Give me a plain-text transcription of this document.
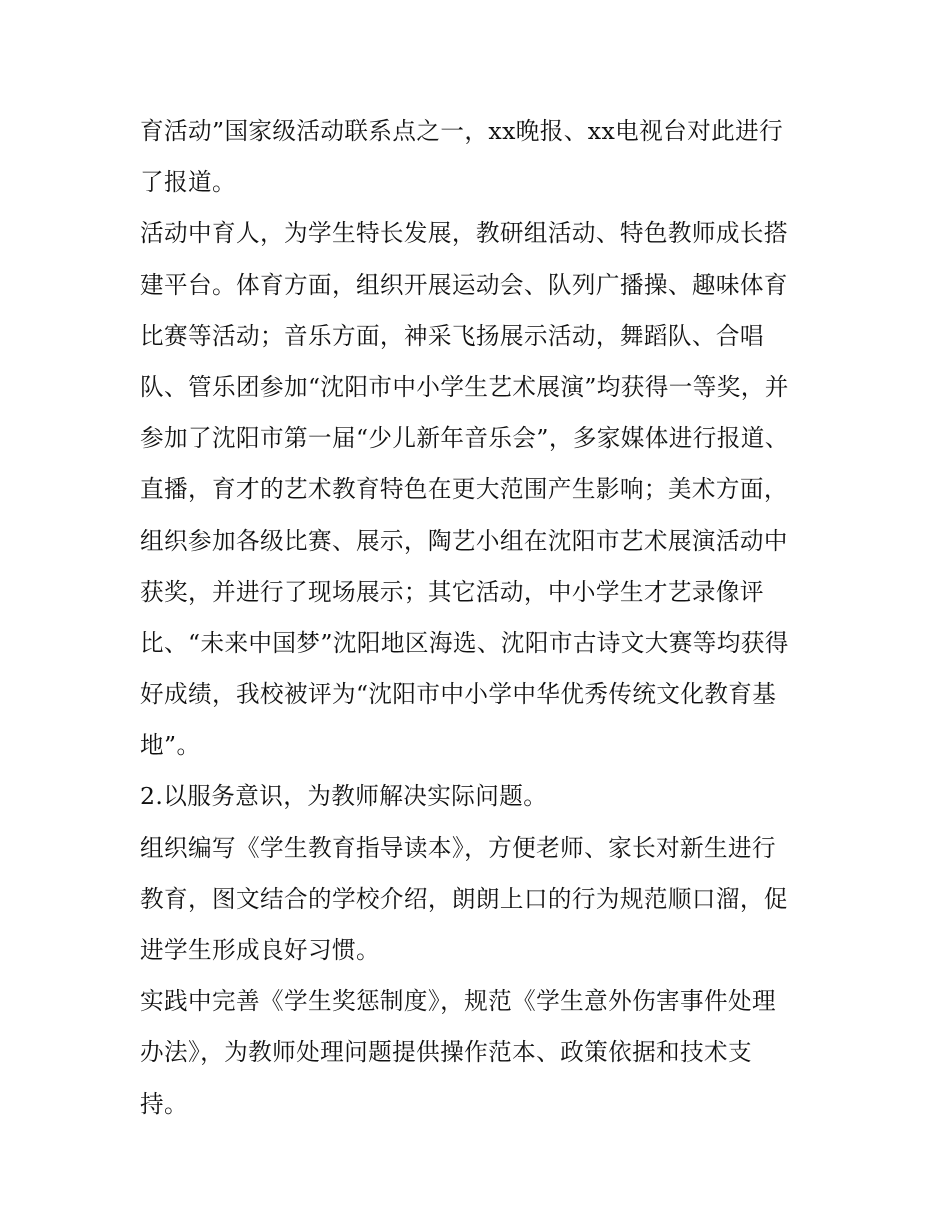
育活动”国家级活动联系点之一，xx晚报、xx电视台对此进行
了报道。
活动中育人，为学生特长发展，教研组活动、特色教师成长搭
建平台。体育方面，组织开展运动会、队列广播操、趣味体育
比赛等活动；音乐方面，神采飞扬展示活动，舞蹈队、合唱
队、管乐团参加“沈阳市中小学生艺术展演”均获得一等奖，并
参加了沈阳市第一届“少儿新年音乐会”，多家媒体进行报道、
直播，育才的艺术教育特色在更大范围产生影响；美术方面，
组织参加各级比赛、展示，陶艺小组在沈阳市艺术展演活动中
获奖，并进行了现场展示；其它活动，中小学生才艺录像评
比、“未来中国梦”沈阳地区海选、沈阳市古诗文大赛等均获得
好成绩，我校被评为“沈阳市中小学中华优秀传统文化教育基
地”。
2.以服务意识，为教师解决实际问题。
组织编写《学生教育指导读本》，方便老师、家长对新生进行
教育，图文结合的学校介绍，朗朗上口的行为规范顺口溜，促
进学生形成良好习惯。
实践中完善《学生奖惩制度》，规范《学生意外伤害事件处理
办法》，为教师处理问题提供操作范本、政策依据和技术支
持。
